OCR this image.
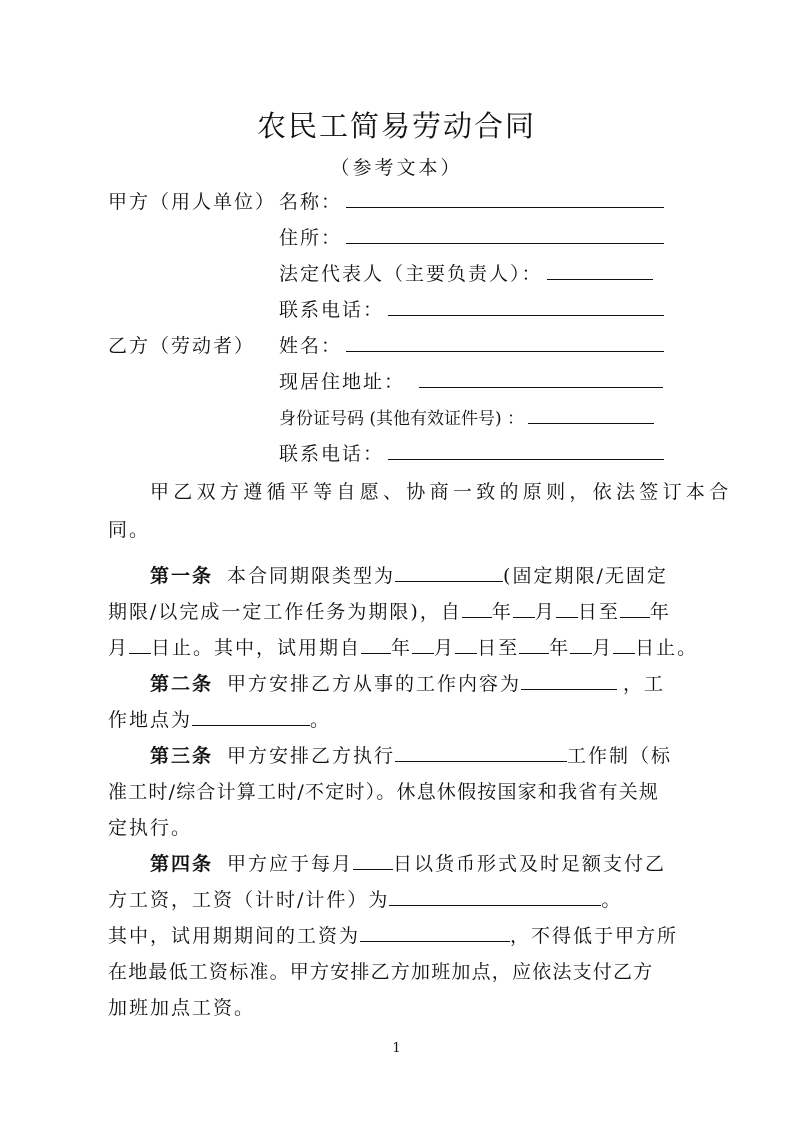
农民工简易劳动合同
（参考文本）
甲方（用人单位） 名称：
住所：
法定代表人（主要负责人）：
联系电话：
乙方（劳动者） 姓名：
现居住地址：
身份证号码 (其他有效证件号) ：
联系电话：
甲乙双方遵循平等自愿、协商一致的原则，依法签订本合
同。
第一条 本合同期限类型为	(固定期限/无固定
期限/以完成一定工作任务为期限)，自 年 月 日至 年
月 日止。其中，试用期自 年 月 日至 年 月 日止。
第二条 甲方安排乙方从事的工作内容为	，工
作地点为	。
第三条 甲方安排乙方执行	工作制（标
准工时/综合计算工时/不定时）。休息休假按国家和我省有关规
定执行。
第四条 甲方应于每月 日以货币形式及时足额支付乙
方工资，工资（计时/计件）为	。
其中，试用期期间的工资为	，不得低于甲方所
在地最低工资标准。甲方安排乙方加班加点，应依法支付乙方
加班加点工资。
1
